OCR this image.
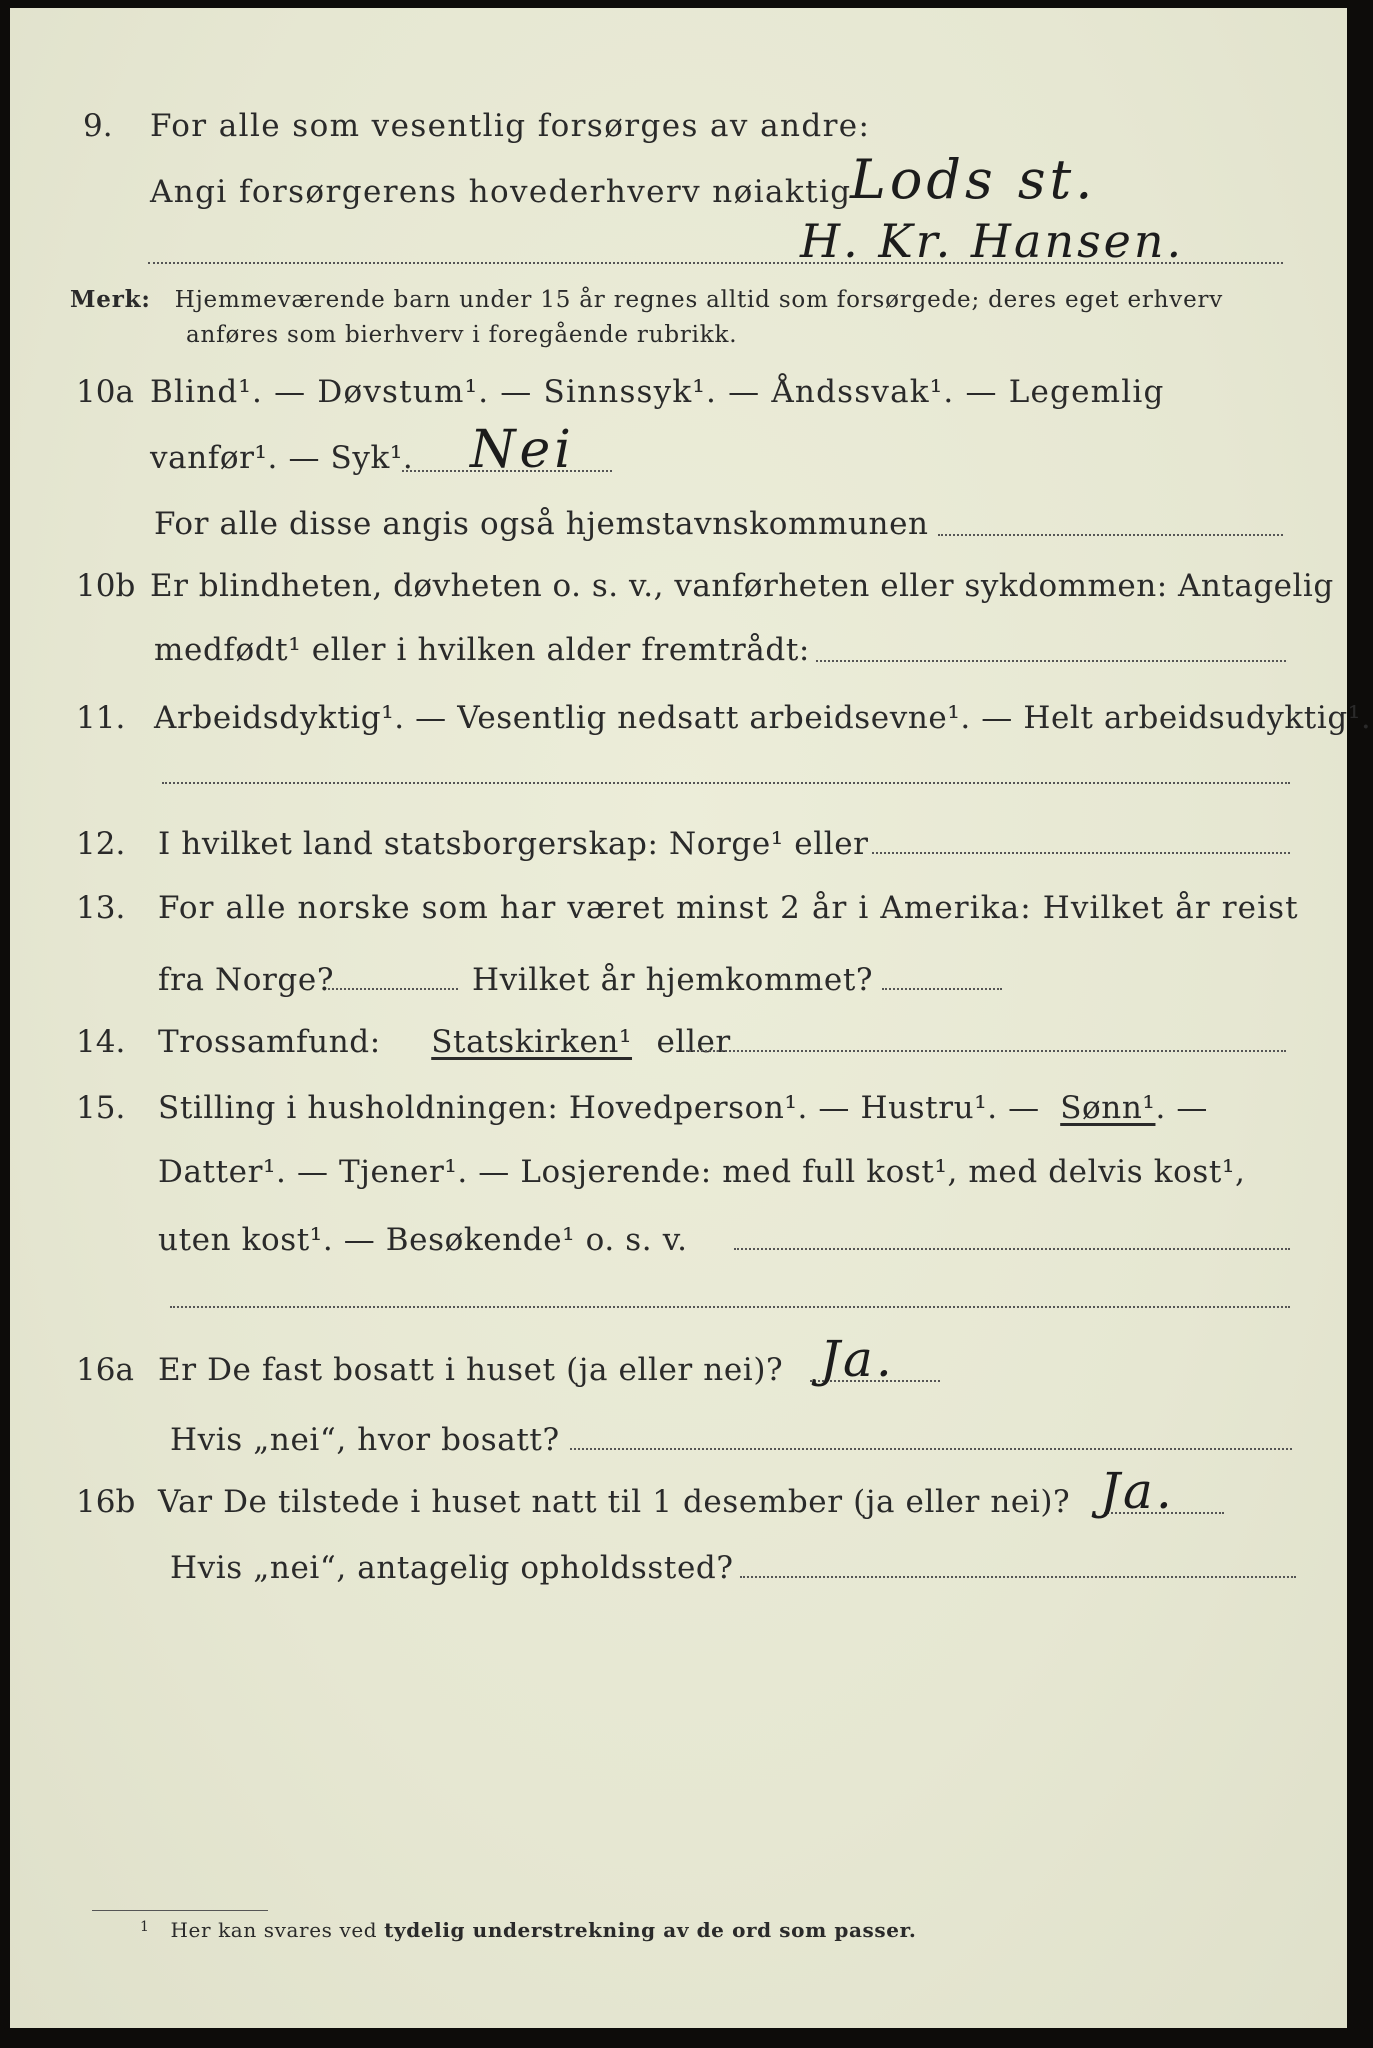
9. For alle som vesentlig forsørges av andre:
Angi forsørgerens hovederhverv nøiaktig
Lods st.
H. Kr. Hansen.
Merk: Hjemmeværende barn under 15 år regnes alltid som forsørgede; deres eget erhverv
anføres som bierhverv i foregående rubrikk.
10a Blind¹. — Døvstum¹. — Sinnssyk¹. — Åndssvak¹. — Legemlig
vanfør¹. — Syk¹. Nei
For alle disse angis også hjemstavnskommunen
10b Er blindheten, døvheten o. s. v., vanførheten eller sykdommen: Antagelig
medfødt¹ eller i hvilken alder fremtrådt:
11. Arbeidsdyktig¹. — Vesentlig nedsatt arbeidsevne¹. — Helt arbeidsudyktig¹.
12. I hvilket land statsborgerskap: Norge¹ eller
13. For alle norske som har været minst 2 år i Amerika: Hvilket år reist
fra Norge?	Hvilket år hjemkommet?
14. Trossamfund: Statskirken¹ eller
15. Stilling i husholdningen: Hovedperson¹. — Hustru¹. — Sønn¹. —
Datter¹. — Tjener¹. — Losjerende: med full kost¹, med delvis kost¹,
uten kost¹. — Besøkende¹ o. s. v.
16a Er De fast bosatt i huset (ja eller nei)? Ja.
Hvis „nei“, hvor bosatt?
16b Var De tilstede i huset natt til 1 desember (ja eller nei)? Ja.
Hvis „nei“, antagelig opholdssted?
$^1$ Her kan svares ved tydelig understrekning av de ord som passer.
